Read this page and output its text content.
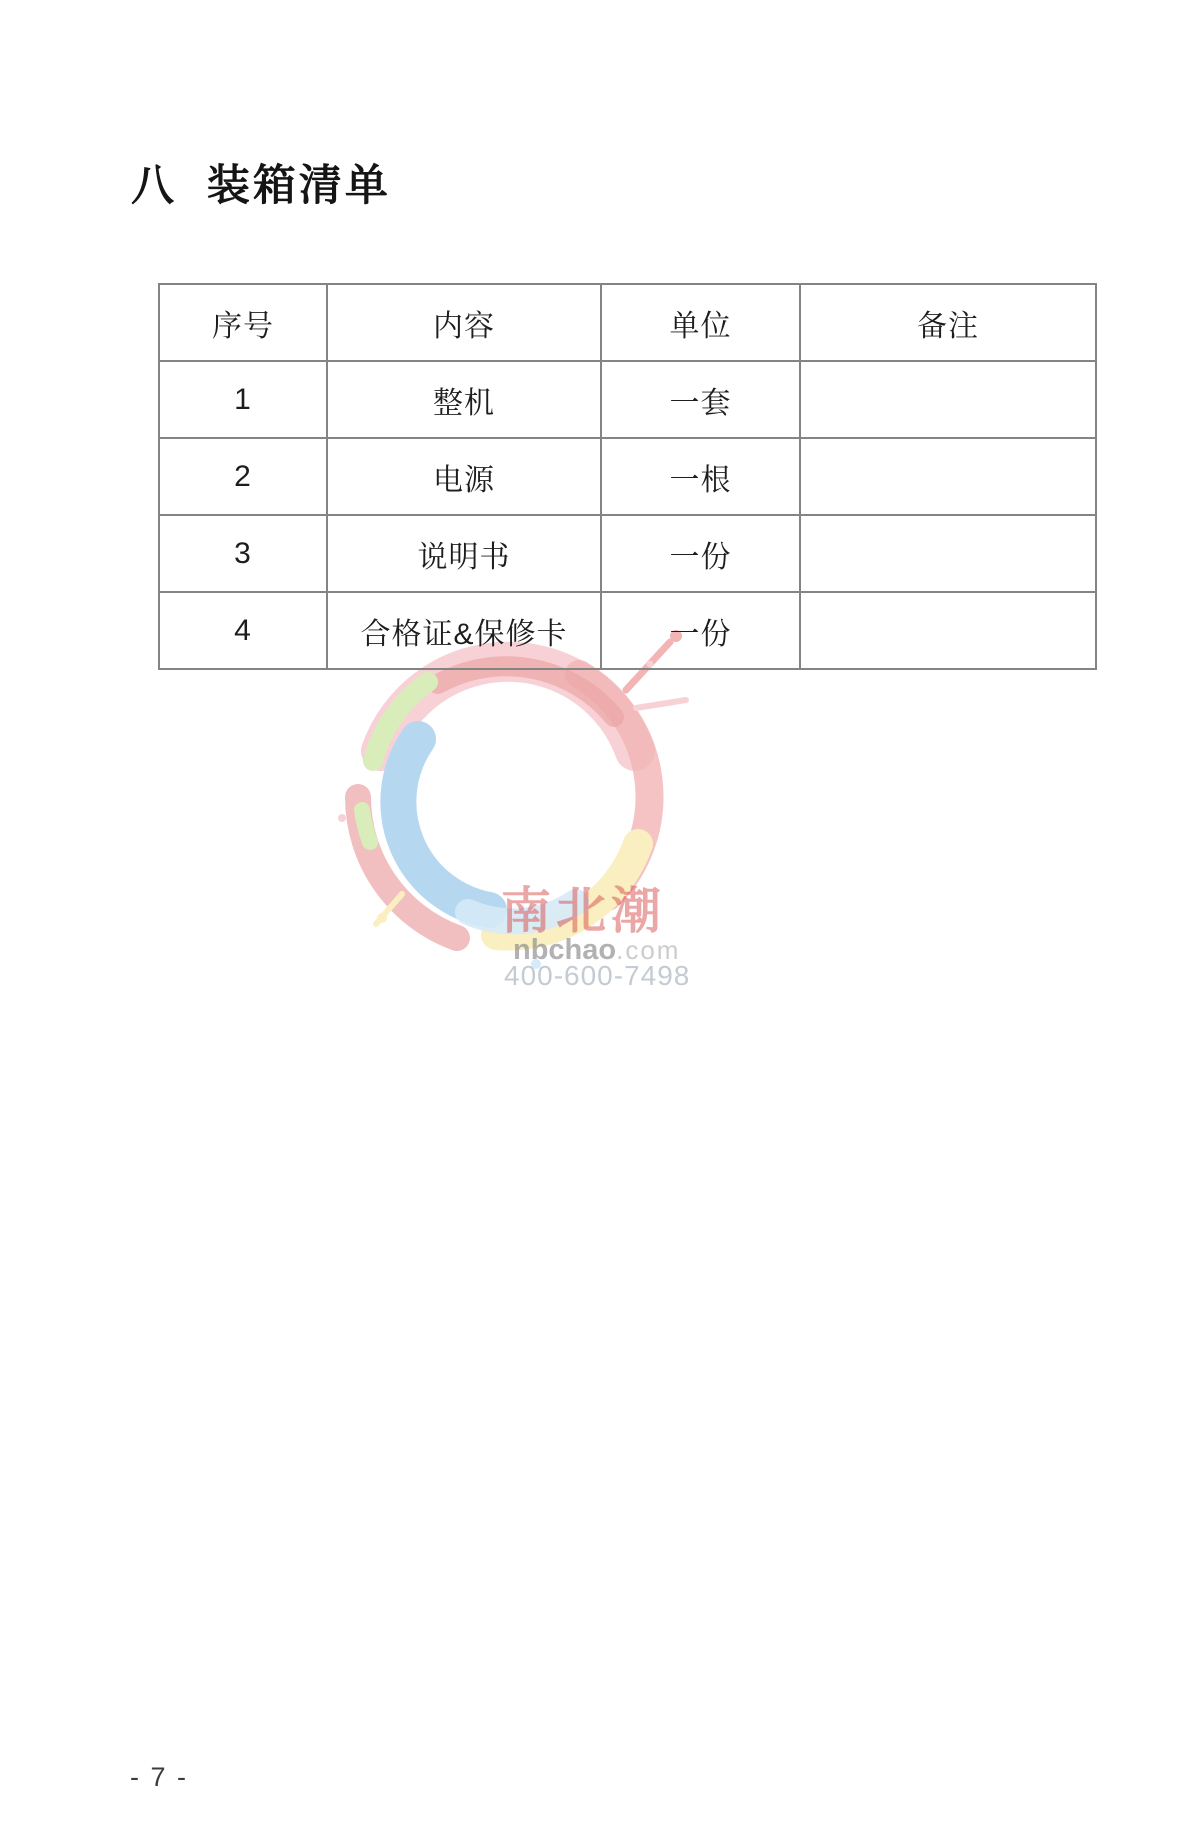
八  装箱清单
序号	内容	单位	备注
1	整机	一套	
2	电源	一根	
3	说明书	一份	
4	合格证&保修卡	一份	
南北潮
nbchao.com
400-600-7498
- 7 -
